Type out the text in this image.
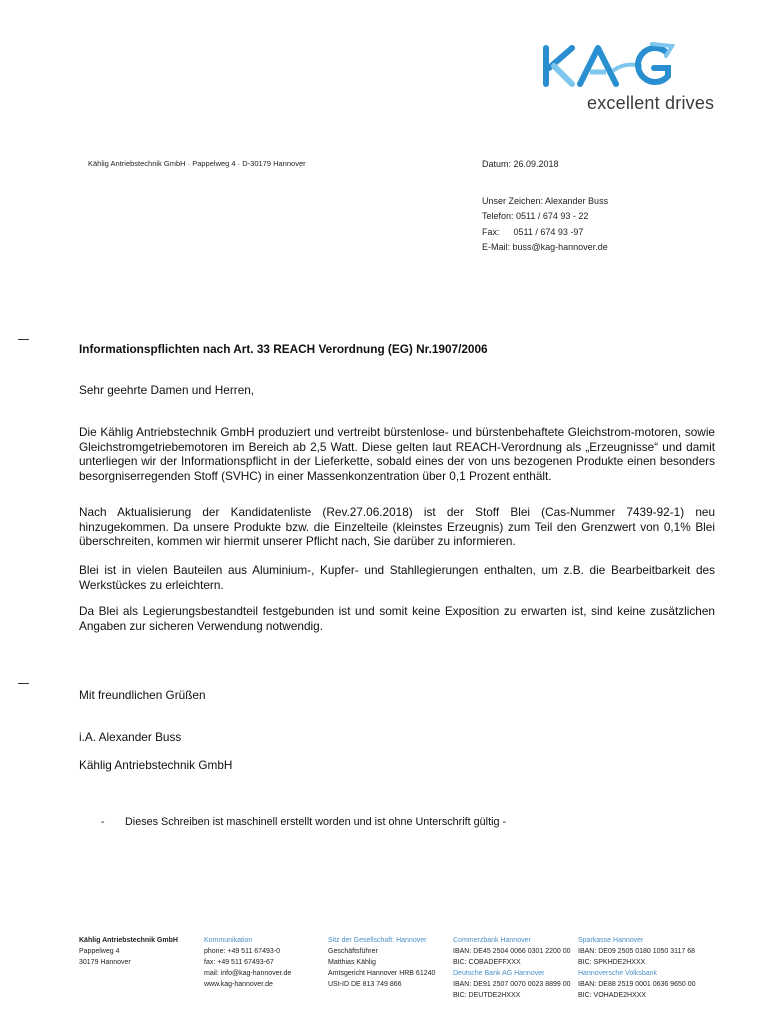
excellent drives
Kählig Antriebstechnik GmbH · Pappelweg 4 · D-30179 Hannover	Datum: 26.09.2018
Unser Zeichen: Alexander Buss
Telefon: 0511 / 674 93 - 22
Fax: 0511 / 674 93 -97
E-Mail: buss@kag-hannover.de
Informationspflichten nach Art. 33 REACH Verordnung (EG) Nr.1907/2006
Sehr geehrte Damen und Herren,

Die Kählig Antriebstechnik GmbH produziert und vertreibt bürstenlose- und bürstenbehaftete Gleichstrom-motoren, sowie Gleichstromgetriebemotoren im Bereich ab 2,5 Watt. Diese gelten laut REACH-Verordnung als „Erzeugnisse“ und damit unterliegen wir der Informationspflicht in der Lieferkette, sobald eines der von uns bezogenen Produkte einen besonders besorgniserregenden Stoff (SVHC) in einer Massenkonzentration über 0,1 Prozent enthält.

Nach Aktualisierung der Kandidatenliste (Rev.27.06.2018) ist der Stoff Blei (Cas-Nummer 7439-92-1) neu hinzugekommen. Da unsere Produkte bzw. die Einzelteile (kleinstes Erzeugnis) zum Teil den Grenzwert von 0,1% Blei überschreiten, kommen wir hiermit unserer Pflicht nach, Sie darüber zu informieren.

Blei ist in vielen Bauteilen aus Aluminium-, Kupfer- und Stahllegierungen enthalten, um z.B. die Bearbeitbarkeit des Werkstückes zu erleichtern.

Da Blei als Legierungsbestandteil festgebunden ist und somit keine Exposition zu erwarten ist, sind keine zusätzlichen Angaben zur sicheren Verwendung notwendig.

Mit freundlichen Grüßen
i.A. Alexander Buss
Kählig Antriebstechnik GmbH
- Dieses Schreiben ist maschinell erstellt worden und ist ohne Unterschrift gültig -
Kählig Antriebstechnik GmbH
Pappelweg 4
30179 Hannover
Kommunikation
phone: +49 511 67493-0
fax: +49 511 67493-67
mail: info@kag-hannover.de
www.kag-hannover.de
Sitz der Gesellschaft: Hannover
Geschäftsführer
Matthias Kählig
Amtsgericht Hannover HRB 61240
USt-ID DE 813 749 866
Commerzbank Hannover
IBAN: DE45 2504 0066 0301 2200 00
BIC: COBADEFFXXX
Deutsche Bank AG Hannover
IBAN: DE91 2507 0070 0023 8899 00
BIC: DEUTDE2HXXX
Sparkasse Hannover
IBAN: DE09 2505 0180 1050 3117 68
BIC: SPKHDE2HXXX
Hannoversche Volksbank
IBAN: DE88 2519 0001 0636 9650 00
BIC: VOHADE2HXXX
